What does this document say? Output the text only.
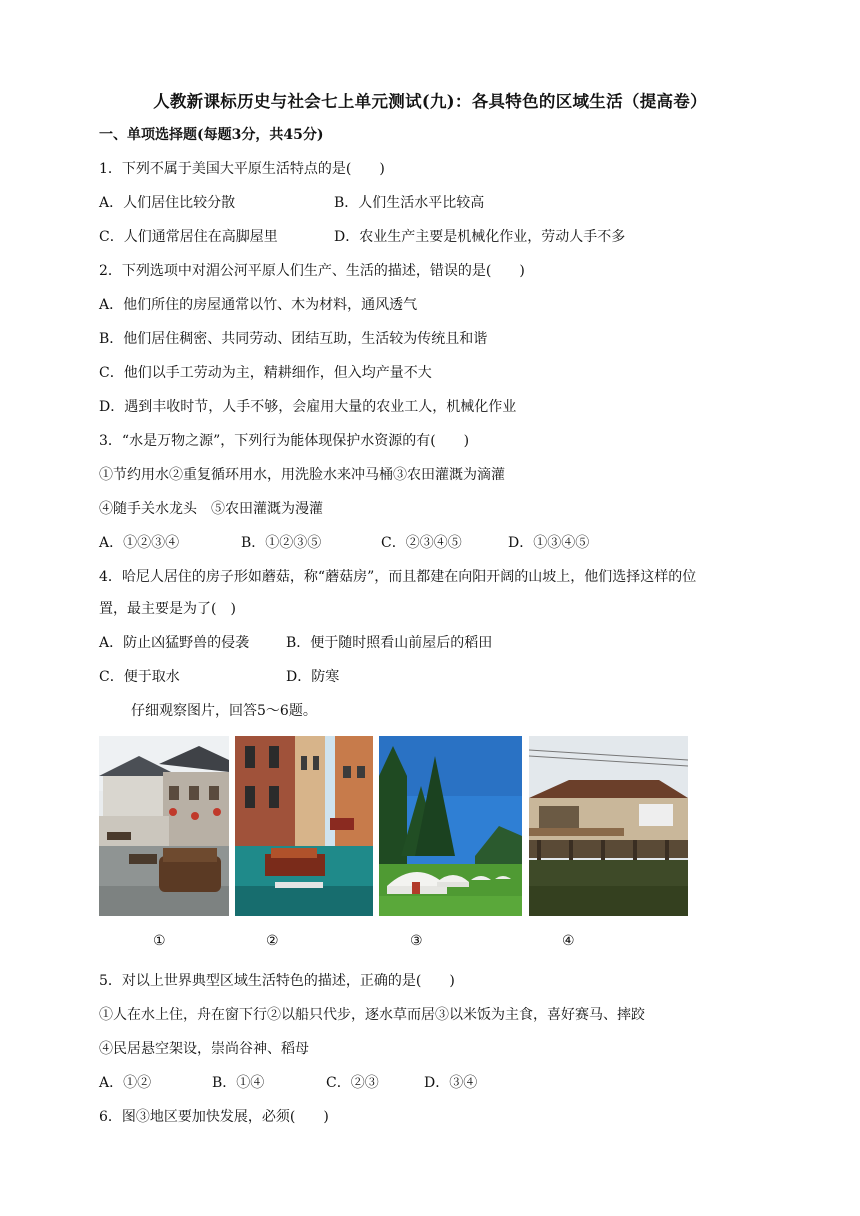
人教新课标历史与社会七上单元测试(九)：各具特色的区域生活（提高卷）
一、单项选择题(每题3分，共45分)
1．下列不属于美国大平原生活特点的是(　　)
A．人们居住比较分散	B．人们生活水平比较高
C．人们通常居住在高脚屋里	D．农业生产主要是机械化作业，劳动人手不多
2．下列选项中对湄公河平原人们生产、生活的描述，错误的是(　　)
A．他们所住的房屋通常以竹、木为材料，通风透气
B．他们居住稠密、共同劳动、团结互助，生活较为传统且和谐
C．他们以手工劳动为主，精耕细作，但入均产量不大
D．遇到丰收时节，人手不够，会雇用大量的农业工人，机械化作业
3．“水是万物之源”，下列行为能体现保护水资源的有(　　)
①节约用水②重复循环用水，用洗脸水来冲马桶③农田灌溉为滴灌
④随手关水龙头　⑤农田灌溉为漫灌
A．①②③④	B．①②③⑤	C．②③④⑤	D．①③④⑤
4．哈尼人居住的房子形如蘑菇，称“蘑菇房”，而且都建在向阳开阔的山坡上，他们选择这样的位
置，最主要是为了(　)
A．防止凶猛野兽的侵袭	B．便于随时照看山前屋后的稻田
C．便于取水	D．防寒
仔细观察图片，回答5～6题。
①	②	③	④
5．对以上世界典型区域生活特色的描述，正确的是(　　)
①人在水上住，舟在窗下行②以船只代步，逐水草而居③以米饭为主食，喜好赛马、摔跤
④民居悬空架设，崇尚谷神、稻母
A．①②	B．①④	C．②③	D．③④
6．图③地区要加快发展，必须(　　)
